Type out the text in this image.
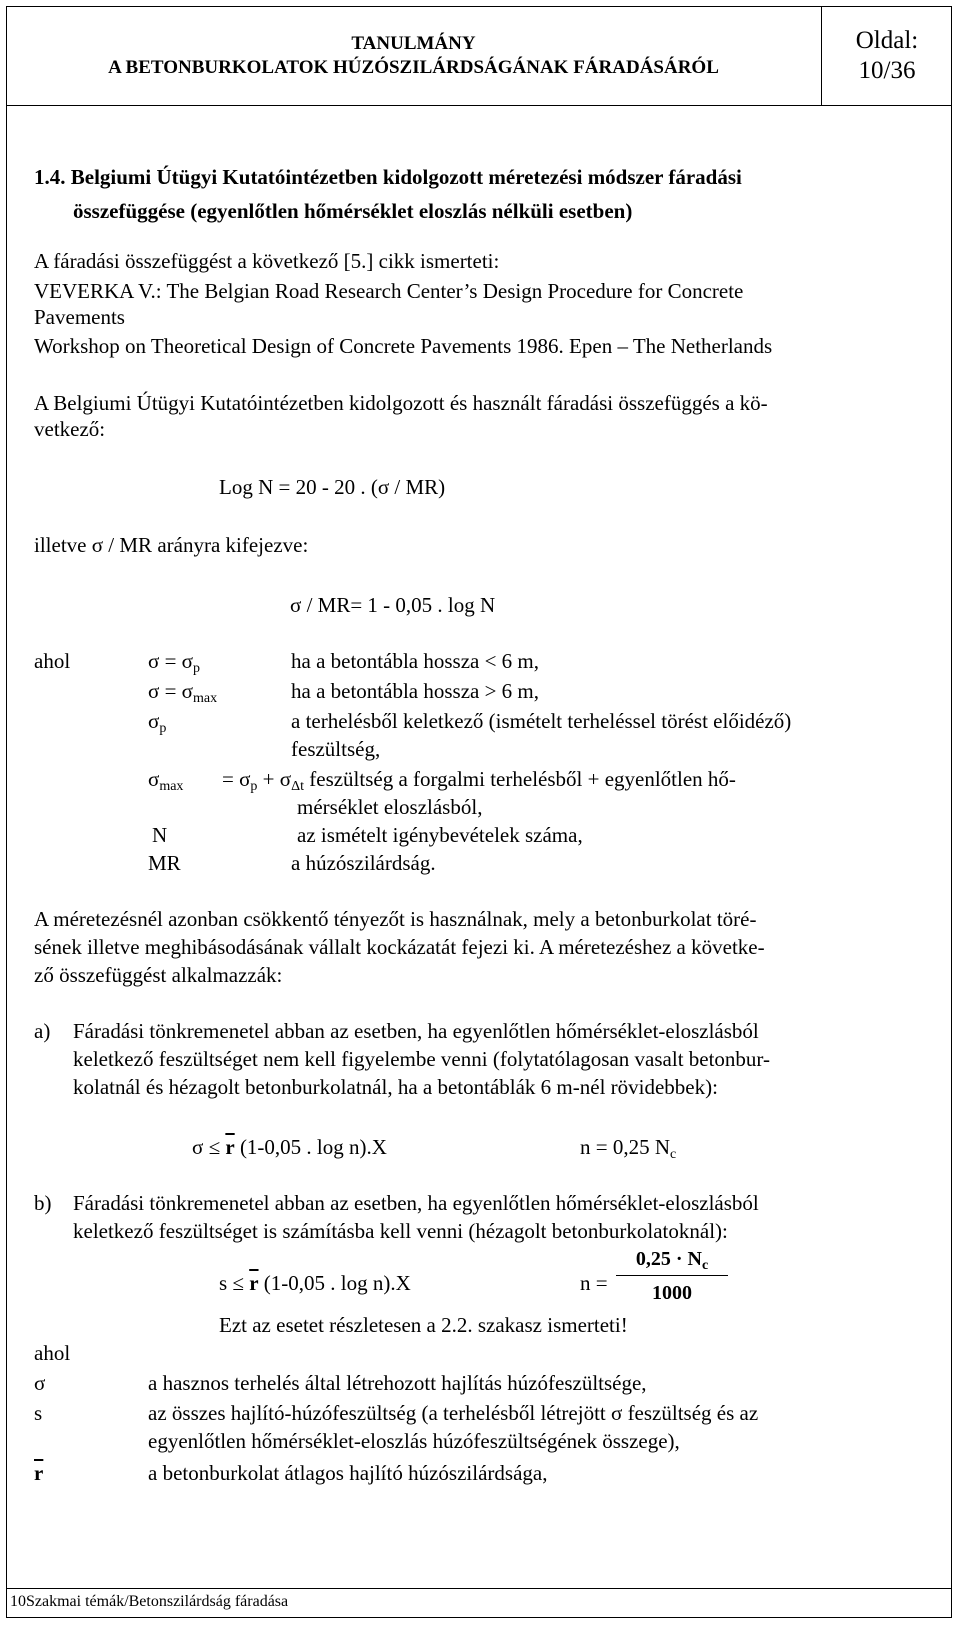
TANULMÁNY
A BETONBURKOLATOK HÚZÓSZILÁRDSÁGÁNAK FÁRADÁSÁRÓL
Oldal:
10/36
1.4. Belgiumi Útügyi Kutatóintézetben kidolgozott méretezési módszer fáradási
összefüggése (egyenlőtlen hőmérséklet eloszlás nélküli esetben)
A fáradási összefüggést a következő [5.] cikk ismerteti:
VEVERKA V.: The Belgian Road Research Center’s Design Procedure for Concrete
Pavements
Workshop on Theoretical Design of Concrete Pavements 1986. Epen – The Netherlands
A Belgiumi Útügyi Kutatóintézetben kidolgozott és használt fáradási összefüggés a kö-
vetkező:
Log N = 20 - 20 . (σ / MR)
illetve σ / MR arányra kifejezve:
σ / MR= 1 - 0,05 . log N
ahol	$\sigma = \sigma_p$	ha a betontábla hossza < 6 m,
$\sigma = \sigma_{max}$	ha a betontábla hossza > 6 m,
$\sigma_p$	a terhelésből keletkező (ismételt terheléssel törést előidéző)
feszültség,
$\sigma_{max} = \sigma_p + \sigma_{\Delta t}$ feszültség a forgalmi terhelésből + egyenlőtlen hő-
mérséklet eloszlásból,
N	az ismételt igénybevételek száma,
MR	a húzószilárdság.
A méretezésnél azonban csökkentő tényezőt is használnak, mely a betonburkolat töré-
sének illetve meghibásodásának vállalt kockázatát fejezi ki. A méretezéshez a követke-
ző összefüggést alkalmazzák:
a) Fáradási tönkremenetel abban az esetben, ha egyenlőtlen hőmérséklet-eloszlásból
keletkező feszültséget nem kell figyelembe venni (folytatólagosan vasalt betonbur-
kolatnál és hézagolt betonburkolatnál, ha a betontáblák 6 m-nél rövidebbek):
$\sigma \le \overline{r}$ (1-0,05 . log n).X	n = 0,25 $N_c$
b) Fáradási tönkremenetel abban az esetben, ha egyenlőtlen hőmérséklet-eloszlásból
keletkező feszültséget is számításba kell venni (hézagolt betonburkolatoknál):
$s \le \overline{r}$ (1-0,05 . log n).X	n =
$0,25 \cdot N_c$
1000
Ezt az esetet részletesen a 2.2. szakasz ismerteti!
ahol
σ	a hasznos terhelés által létrehozott hajlítás húzófeszültsége,
s	az összes hajlító-húzófeszültség (a terhelésből létrejött σ feszültség és az
egyenlőtlen hőmérséklet-eloszlás húzófeszültségének összege),
$\overline{r}$	a betonburkolat átlagos hajlító húzószilárdsága,
10Szakmai témák/Betonszilárdság fáradása
